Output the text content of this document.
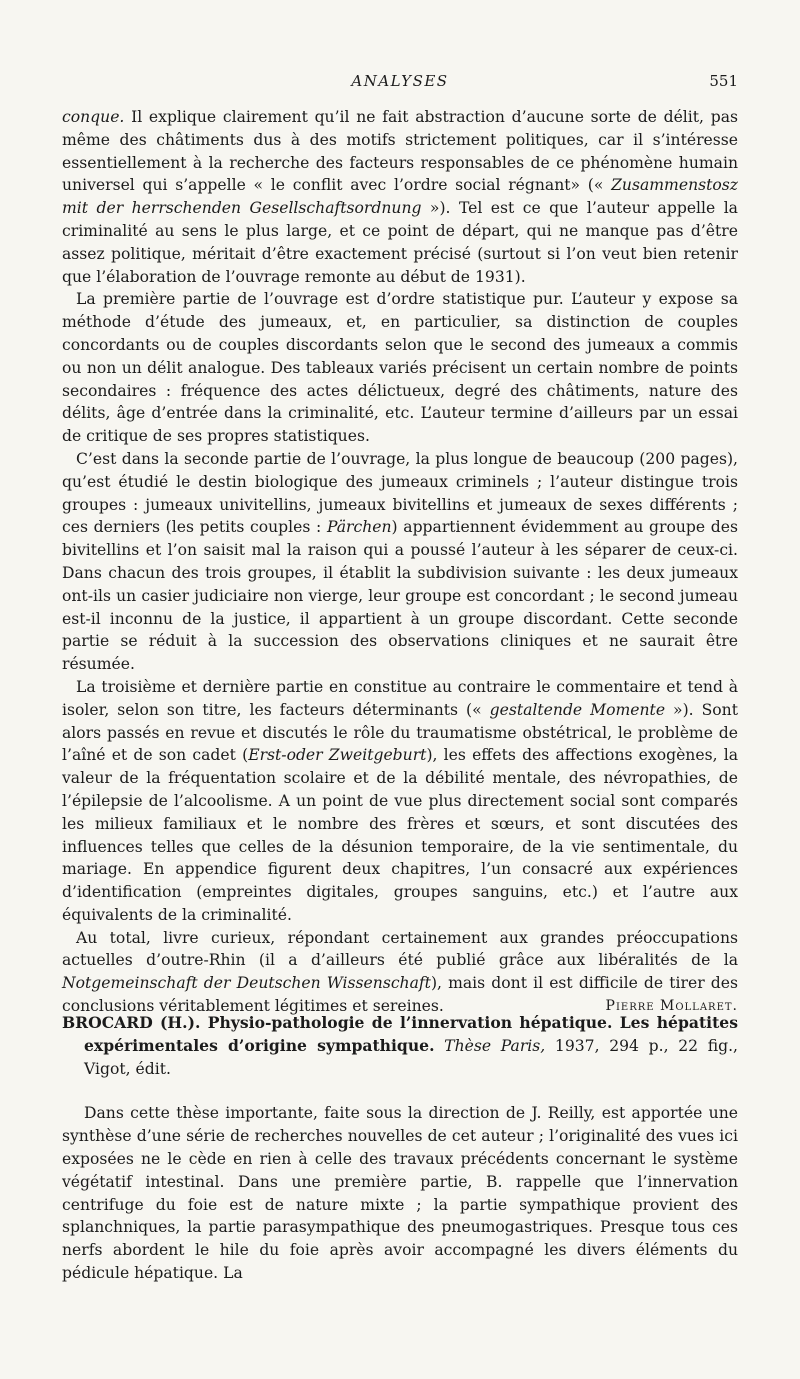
ANALYSES	551

conque. Il explique clairement qu’il ne fait abstraction d’aucune sorte de délit, pas même des châtiments dus à des motifs strictement politiques, car il s’intéresse essentiellement à la recherche des facteurs responsables de ce phénomène humain universel qui s’appelle « le conflit avec l’ordre social régnant» (« Zusammenstosz mit der herrschenden Gesellschaftsordnung »). Tel est ce que l’auteur appelle la criminalité au sens le plus large, et ce point de départ, qui ne manque pas d’être assez politique, méritait d’être exactement précisé (surtout si l’on veut bien retenir que l’élaboration de l’ouvrage remonte au début de 1931).

La première partie de l’ouvrage est d’ordre statistique pur. L’auteur y expose sa méthode d’étude des jumeaux, et, en particulier, sa distinction de couples concordants ou de couples discordants selon que le second des jumeaux a commis ou non un délit analogue. Des tableaux variés précisent un certain nombre de points secondaires : fréquence des actes délictueux, degré des châtiments, nature des délits, âge d’entrée dans la criminalité, etc. L’auteur termine d’ailleurs par un essai de critique de ses propres statistiques.

C’est dans la seconde partie de l’ouvrage, la plus longue de beaucoup (200 pages), qu’est étudié le destin biologique des jumeaux criminels ; l’auteur distingue trois groupes : jumeaux univitellins, jumeaux bivitellins et jumeaux de sexes différents ; ces derniers (les petits couples : Pärchen) appartiennent évidemment au groupe des bivitellins et l’on saisit mal la raison qui a poussé l’auteur à les séparer de ceux-ci. Dans chacun des trois groupes, il établit la subdivision suivante : les deux jumeaux ont-ils un casier judiciaire non vierge, leur groupe est concordant ; le second jumeau est-il inconnu de la justice, il appartient à un groupe discordant. Cette seconde partie se réduit à la succession des observations cliniques et ne saurait être résumée.

La troisième et dernière partie en constitue au contraire le commentaire et tend à isoler, selon son titre, les facteurs déterminants (« gestaltende Momente »). Sont alors passés en revue et discutés le rôle du traumatisme obstétrical, le problème de l’aîné et de son cadet (Erst-oder Zweitgeburt), les effets des affections exogènes, la valeur de la fréquentation scolaire et de la débilité mentale, des névropathies, de l’épilepsie de l’alcoolisme. A un point de vue plus directement social sont comparés les milieux familiaux et le nombre des frères et sœurs, et sont discutées des influences telles que celles de la désunion temporaire, de la vie sentimentale, du mariage. En appendice figurent deux chapitres, l’un consacré aux expériences d’identification (empreintes digitales, groupes sanguins, etc.) et l’autre aux équivalents de la criminalité.

Au total, livre curieux, répondant certainement aux grandes préoccupations actuelles d’outre-Rhin (il a d’ailleurs été publié grâce aux libéralités de la Notgemeinschaft der Deutschen Wissenschaft), mais dont il est difficile de tirer des conclusions véritablement légitimes et sereines.	Pierre Mollaret.

BROCARD (H.). Physio-pathologie de l’innervation hépatique. Les hépatites expérimentales d’origine sympathique. Thèse Paris, 1937, 294 p., 22 fig., Vigot, édit.

Dans cette thèse importante, faite sous la direction de J. Reilly, est apportée une synthèse d’une série de recherches nouvelles de cet auteur ; l’originalité des vues ici exposées ne le cède en rien à celle des travaux précédents concernant le système végétatif intestinal. Dans une première partie, B. rappelle que l’innervation centrifuge du foie est de nature mixte ; la partie sympathique provient des splanchniques, la partie parasympathique des pneumogastriques. Presque tous ces nerfs abordent le hile du foie après avoir accompagné les divers éléments du pédicule hépatique. La
